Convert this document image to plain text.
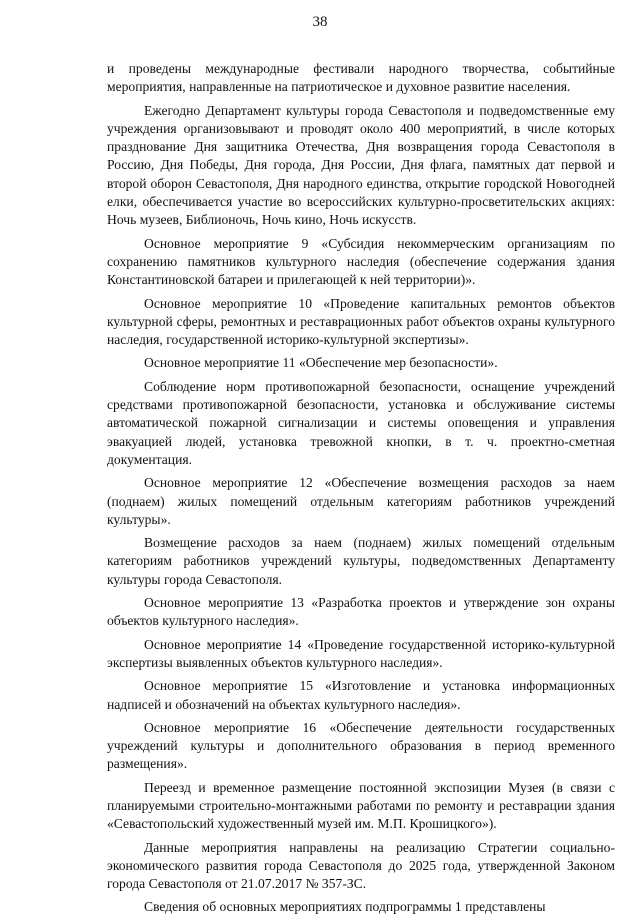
38

и проведены международные фестивали народного творчества, событийные мероприятия, направленные на патриотическое и духовное развитие населения.

Ежегодно Департамент культуры города Севастополя и подведомственные ему учреждения организовывают и проводят около 400 мероприятий, в числе которых празднование Дня защитника Отечества, Дня возвращения города Севастополя в Россию, Дня Победы, Дня города, Дня России, Дня флага, памятных дат первой и второй оборон Севастополя, Дня народного единства, открытие городской Новогодней елки, обеспечивается участие во всероссийских культурно-просветительских акциях: Ночь музеев, Библионочь, Ночь кино, Ночь искусств.

Основное мероприятие 9 «Субсидия некоммерческим организациям по сохранению памятников культурного наследия (обеспечение содержания здания Константиновской батареи и прилегающей к ней территории)».

Основное мероприятие 10 «Проведение капитальных ремонтов объектов культурной сферы, ремонтных и реставрационных работ объектов охраны культурного наследия, государственной историко-культурной экспертизы».

Основное мероприятие 11 «Обеспечение мер безопасности».

Соблюдение норм противопожарной безопасности, оснащение учреждений средствами противопожарной безопасности, установка и обслуживание системы автоматической пожарной сигнализации и системы оповещения и управления эвакуацией людей, установка тревожной кнопки, в т. ч. проектно-сметная документация.

Основное мероприятие 12 «Обеспечение возмещения расходов за наем (поднаем) жилых помещений отдельным категориям работников учреждений культуры».

Возмещение расходов за наем (поднаем) жилых помещений отдельным категориям работников учреждений культуры, подведомственных Департаменту культуры города Севастополя.

Основное мероприятие 13 «Разработка проектов и утверждение зон охраны объектов культурного наследия».

Основное мероприятие 14 «Проведение государственной историко-культурной экспертизы выявленных объектов культурного наследия».

Основное мероприятие 15 «Изготовление и установка информационных надписей и обозначений на объектах культурного наследия».

Основное мероприятие 16 «Обеспечение деятельности государственных учреждений культуры и дополнительного образования в период временного размещения».

Переезд и временное размещение постоянной экспозиции Музея (в связи с планируемыми строительно-монтажными работами по ремонту и реставрации здания «Севастопольский художественный музей им. М.П. Крошицкого»).

Данные мероприятия направлены на реализацию Стратегии социально-экономического развития города Севастополя до 2025 года, утвержденной Законом города Севастополя от 21.07.2017 № 357-ЗС.

Сведения об основных мероприятиях подпрограммы 1 представлены
